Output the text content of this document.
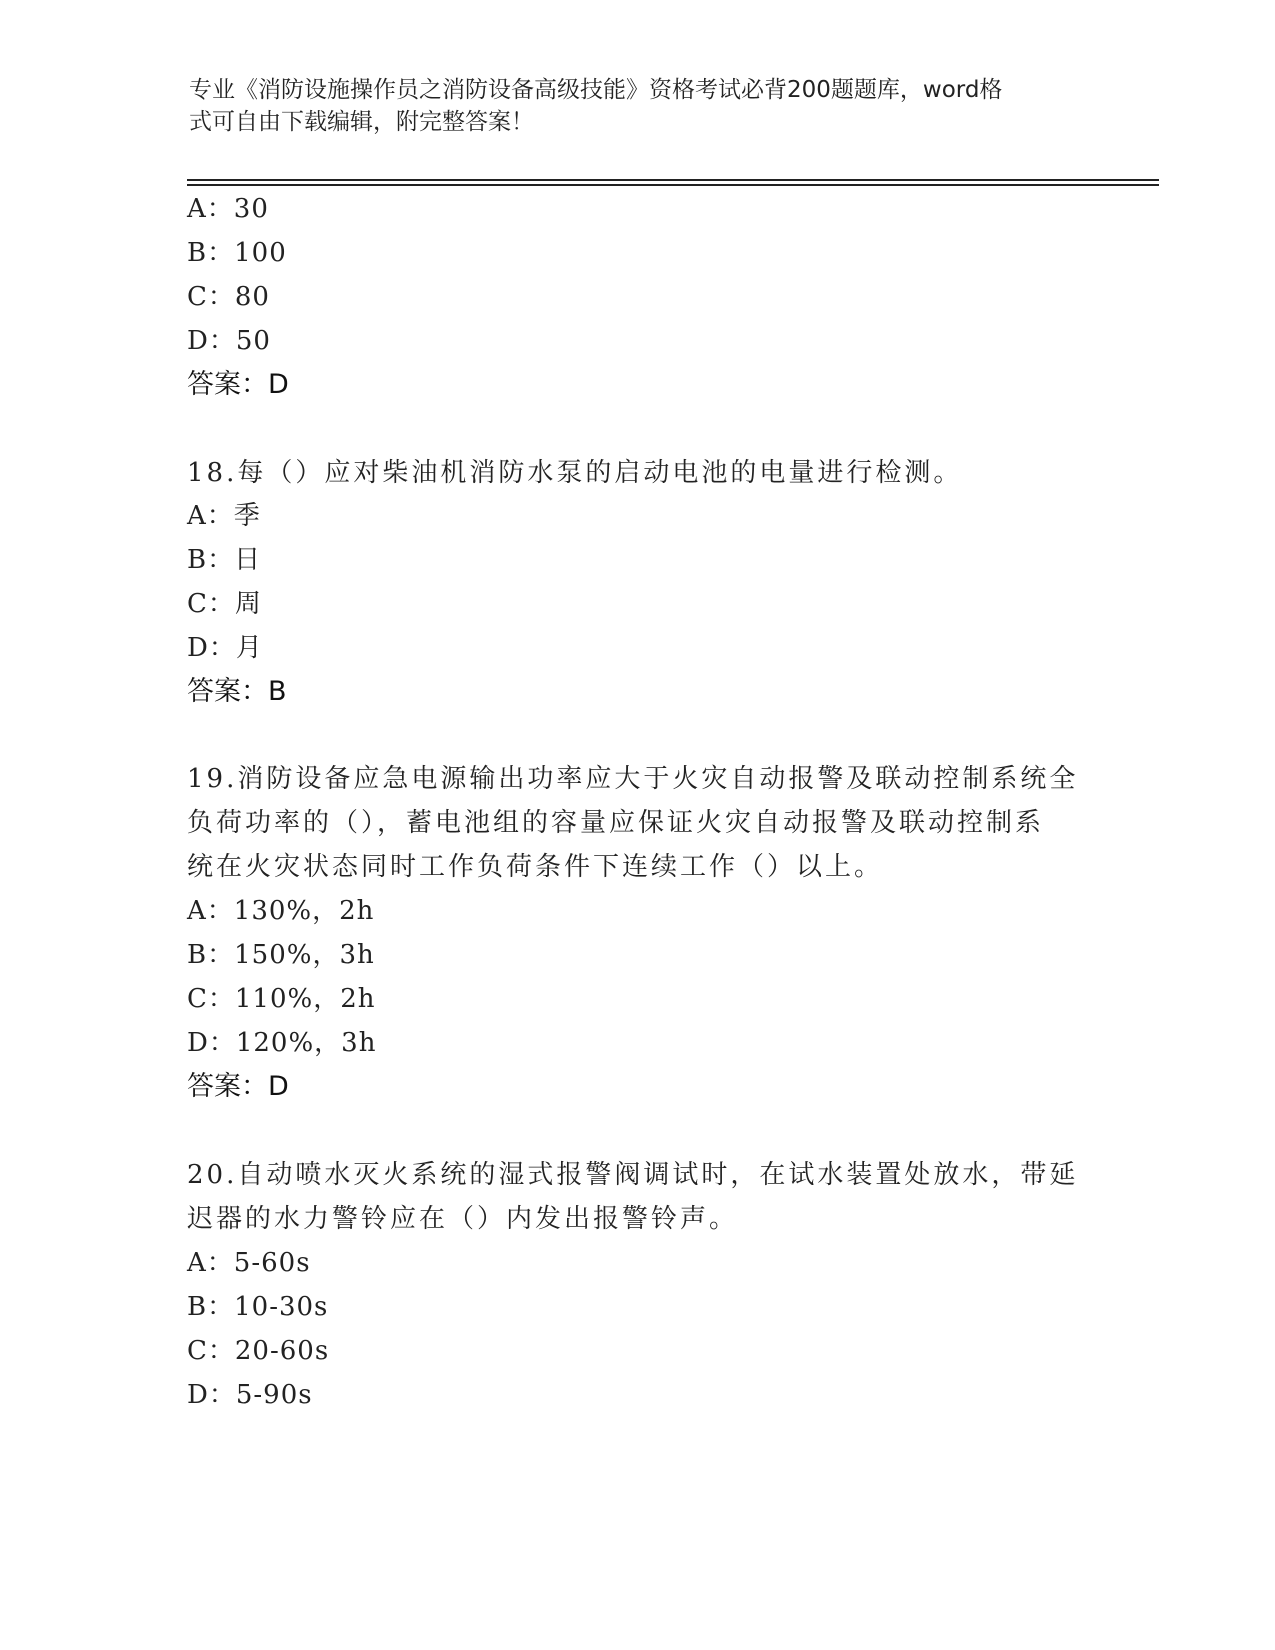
专业《消防设施操作员之消防设备高级技能》资格考试必背200题题库，word格
式可自由下载编辑，附完整答案！
A：30
B：100
C：80
D：50
答案：D
18.每（）应对柴油机消防水泵的启动电池的电量进行检测。
A：季
B：日
C：周
D：月
答案：B
19.消防设备应急电源输出功率应大于火灾自动报警及联动控制系统全
负荷功率的（），蓄电池组的容量应保证火灾自动报警及联动控制系
统在火灾状态同时工作负荷条件下连续工作（）以上。
A：130%，2h
B：150%，3h
C：110%，2h
D：120%，3h
答案：D
20.自动喷水灭火系统的湿式报警阀调试时，在试水装置处放水，带延
迟器的水力警铃应在（）内发出报警铃声。
A：5-60s
B：10-30s
C：20-60s
D：5-90s
